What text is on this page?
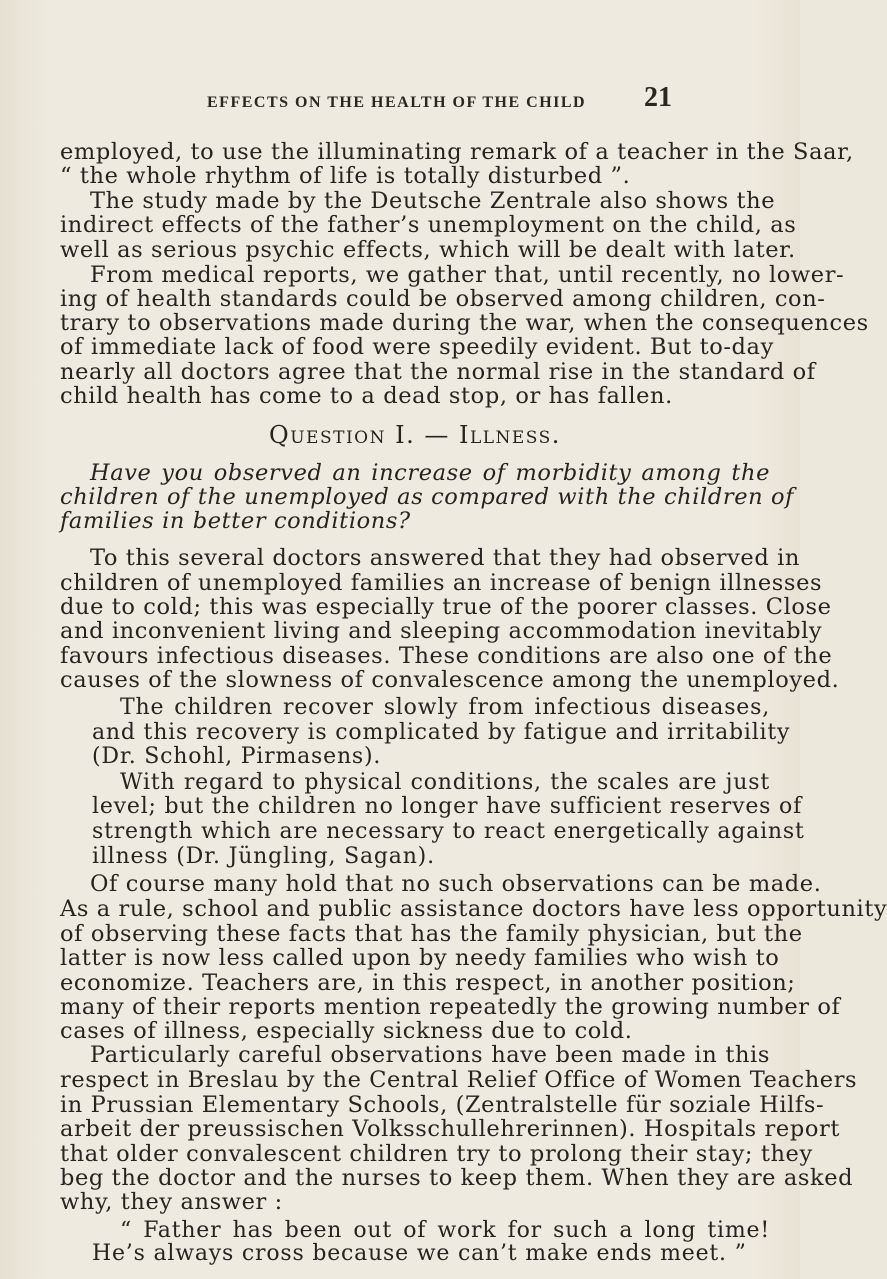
EFFECTS ON THE HEALTH OF THE CHILD 21
employed, to use the illuminating remark of a teacher in the Saar,
“ the whole rhythm of life is totally disturbed ”.
The study made by the Deutsche Zentrale also shows the
indirect effects of the father’s unemployment on the child, as
well as serious psychic effects, which will be dealt with later.
From medical reports, we gather that, until recently, no lower-
ing of health standards could be observed among children, con-
trary to observations made during the war, when the consequences
of immediate lack of food were speedily evident. But to-day
nearly all doctors agree that the normal rise in the standard of
child health has come to a dead stop, or has fallen.
Question I. — Illness.
Have you observed an increase of morbidity among the
children of the unemployed as compared with the children of
families in better conditions?
To this several doctors answered that they had observed in
children of unemployed families an increase of benign illnesses
due to cold; this was especially true of the poorer classes. Close
and inconvenient living and sleeping accommodation inevitably
favours infectious diseases. These conditions are also one of the
causes of the slowness of convalescence among the unemployed.
The children recover slowly from infectious diseases,
and this recovery is complicated by fatigue and irritability
(Dr. Schohl, Pirmasens).
With regard to physical conditions, the scales are just
level; but the children no longer have sufficient reserves of
strength which are necessary to react energetically against
illness (Dr. Jüngling, Sagan).
Of course many hold that no such observations can be made.
As a rule, school and public assistance doctors have less opportunity
of observing these facts that has the family physician, but the
latter is now less called upon by needy families who wish to
economize. Teachers are, in this respect, in another position;
many of their reports mention repeatedly the growing number of
cases of illness, especially sickness due to cold.
Particularly careful observations have been made in this
respect in Breslau by the Central Relief Office of Women Teachers
in Prussian Elementary Schools, (Zentralstelle für soziale Hilfs-
arbeit der preussischen Volksschullehrerinnen). Hospitals report
that older convalescent children try to prolong their stay; they
beg the doctor and the nurses to keep them. When they are asked
why, they answer :
“ Father has been out of work for such a long time!
He’s always cross because we can’t make ends meet. ”
